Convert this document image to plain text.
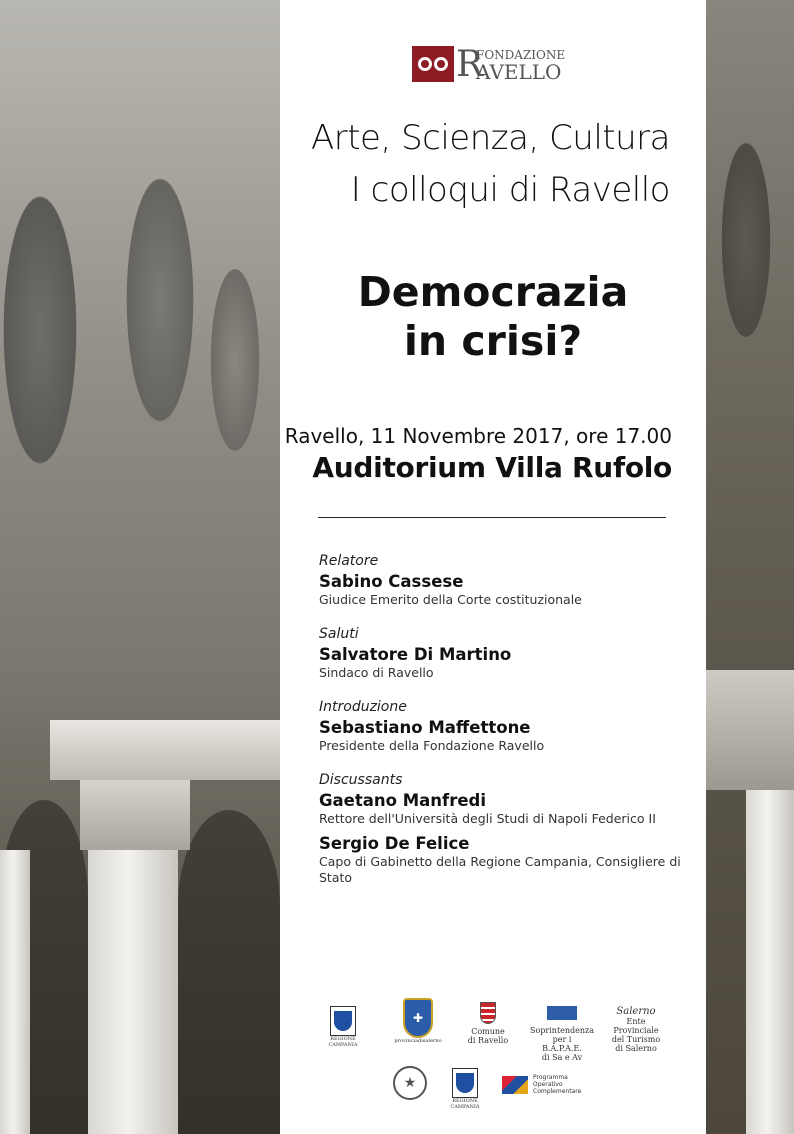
R
FONDAZIONE
AVELLO
Arte, Scienza, Cultura
I colloqui di Ravello
Democrazia
in crisi?
Ravello, 11 Novembre 2017, ore 17.00
Auditorium Villa Rufolo
Relatore
Sabino Cassese
Giudice Emerito della Corte costituzionale
Saluti
Salvatore Di Martino
Sindaco di Ravello
Introduzione
Sebastiano Maffettone
Presidente della Fondazione Ravello
Discussants
Gaetano Manfredi
Rettore dell'Università degli Studi di Napoli Federico II
Sergio De Felice
Capo di Gabinetto della Regione Campania, Consigliere di Stato
REGIONE CAMPANIA
✚
provinciadisalerno
Comune
di Ravello
Soprintendenza
per i B.A.P.A.E.
di Sa e Av
Salerno
Ente Provinciale
del Turismo
di Salerno
★
REGIONE CAMPANIA
Programma
Operativo
Complementare
